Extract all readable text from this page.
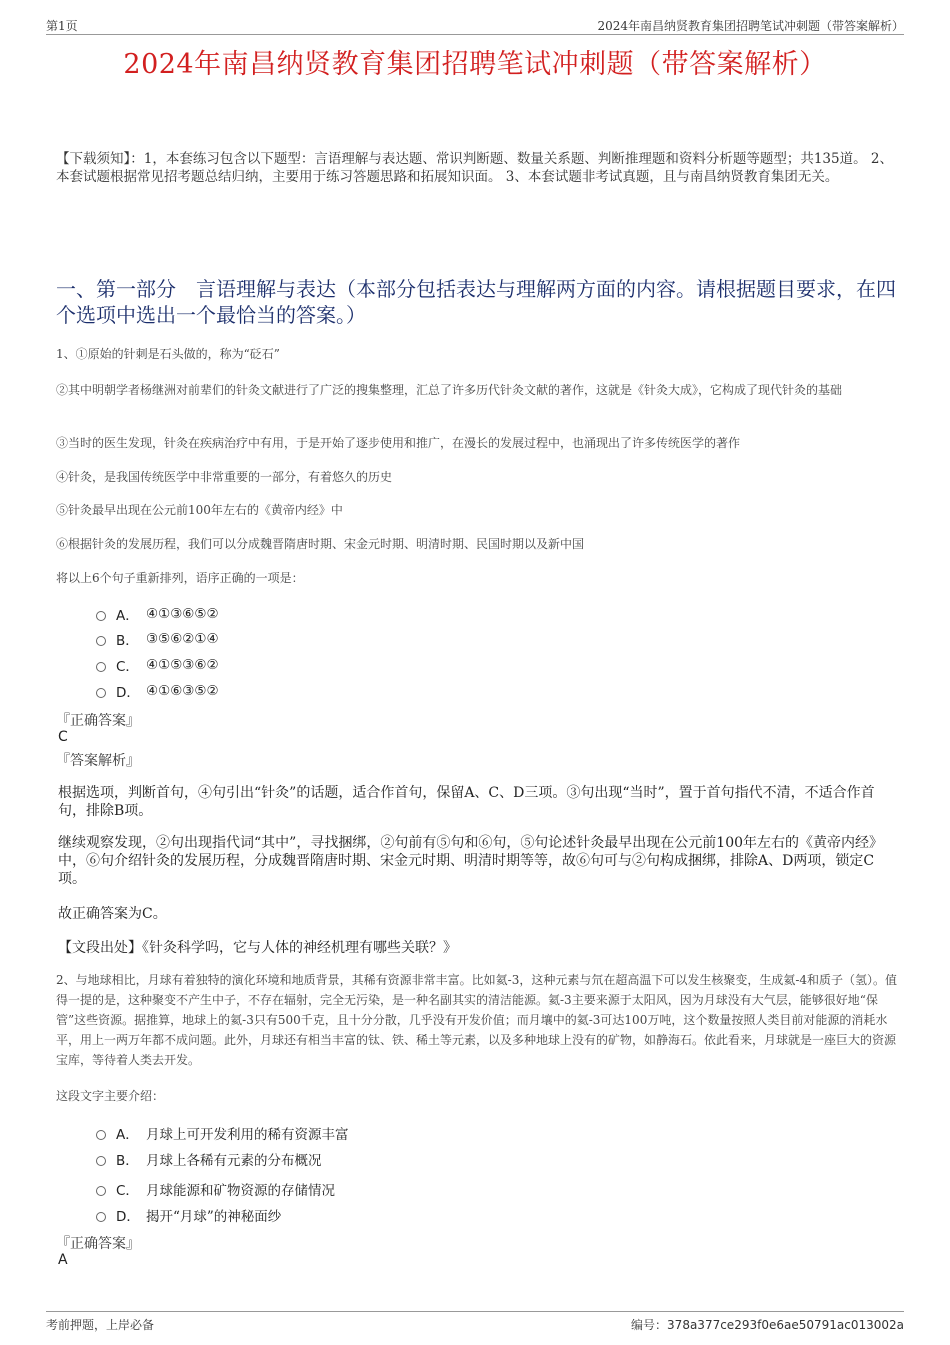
第1页	2024年南昌纳贤教育集团招聘笔试冲刺题（带答案解析）
2024年南昌纳贤教育集团招聘笔试冲刺题（带答案解析）
【下载须知】：1，本套练习包含以下题型：言语理解与表达题、常识判断题、数量关系题、判断推理题和资料分析题等题型；共135道。 2、本套试题根据常见招考题总结归纳，主要用于练习答题思路和拓展知识面。 3、本套试题非考试真题，且与南昌纳贤教育集团无关。
一、第一部分　言语理解与表达（本部分包括表达与理解两方面的内容。请根据题目要求，在四个选项中选出一个最恰当的答案。）
1、①原始的针刺是石头做的，称为“砭石”
②其中明朝学者杨继洲对前辈们的针灸文献进行了广泛的搜集整理，汇总了许多历代针灸文献的著作，这就是《针灸大成》，它构成了现代针灸的基础
③当时的医生发现，针灸在疾病治疗中有用，于是开始了逐步使用和推广，在漫长的发展过程中，也涌现出了许多传统医学的著作
④针灸，是我国传统医学中非常重要的一部分，有着悠久的历史
⑤针灸最早出现在公元前100年左右的《黄帝内经》中
⑥根据针灸的发展历程，我们可以分成魏晋隋唐时期、宋金元时期、明清时期、民国时期以及新中国
将以上6个句子重新排列，语序正确的一项是：
A． ④①③⑥⑤②
B． ③⑤⑥②①④
C． ④①⑤③⑥②
D． ④①⑥③⑤②
『正确答案』
C
『答案解析』
根据选项，判断首句，④句引出“针灸”的话题，适合作首句，保留A、C、D三项。③句出现“当时”，置于首句指代不清，不适合作首句，排除B项。
继续观察发现，②句出现指代词“其中”，寻找捆绑，②句前有⑤句和⑥句，⑤句论述针灸最早出现在公元前100年左右的《黄帝内经》中，⑥句介绍针灸的发展历程，分成魏晋隋唐时期、宋金元时期、明清时期等等，故⑥句可与②句构成捆绑，排除A、D两项，锁定C项。
故正确答案为C。
【文段出处】《针灸科学吗，它与人体的神经机理有哪些关联？》
2、与地球相比，月球有着独特的演化环境和地质背景，其稀有资源非常丰富。比如氦-3，这种元素与氘在超高温下可以发生核聚变，生成氦-4和质子（氢）。值得一提的是，这种聚变不产生中子，不存在辐射，完全无污染，是一种名副其实的清洁能源。氦-3主要来源于太阳风，因为月球没有大气层，能够很好地“保管”这些资源。据推算，地球上的氦-3只有500千克，且十分分散，几乎没有开发价值；而月壤中的氦-3可达100万吨，这个数量按照人类目前对能源的消耗水平，用上一两万年都不成问题。此外，月球还有相当丰富的钛、铁、稀土等元素，以及多种地球上没有的矿物，如静海石。依此看来，月球就是一座巨大的资源宝库，等待着人类去开发。
这段文字主要介绍：
A． 月球上可开发利用的稀有资源丰富
B． 月球上各稀有元素的分布概况
C． 月球能源和矿物资源的存储情况
D． 揭开“月球”的神秘面纱
『正确答案』
A
考前押题，上岸必备	编号：378a377ce293f0e6ae50791ac013002a
